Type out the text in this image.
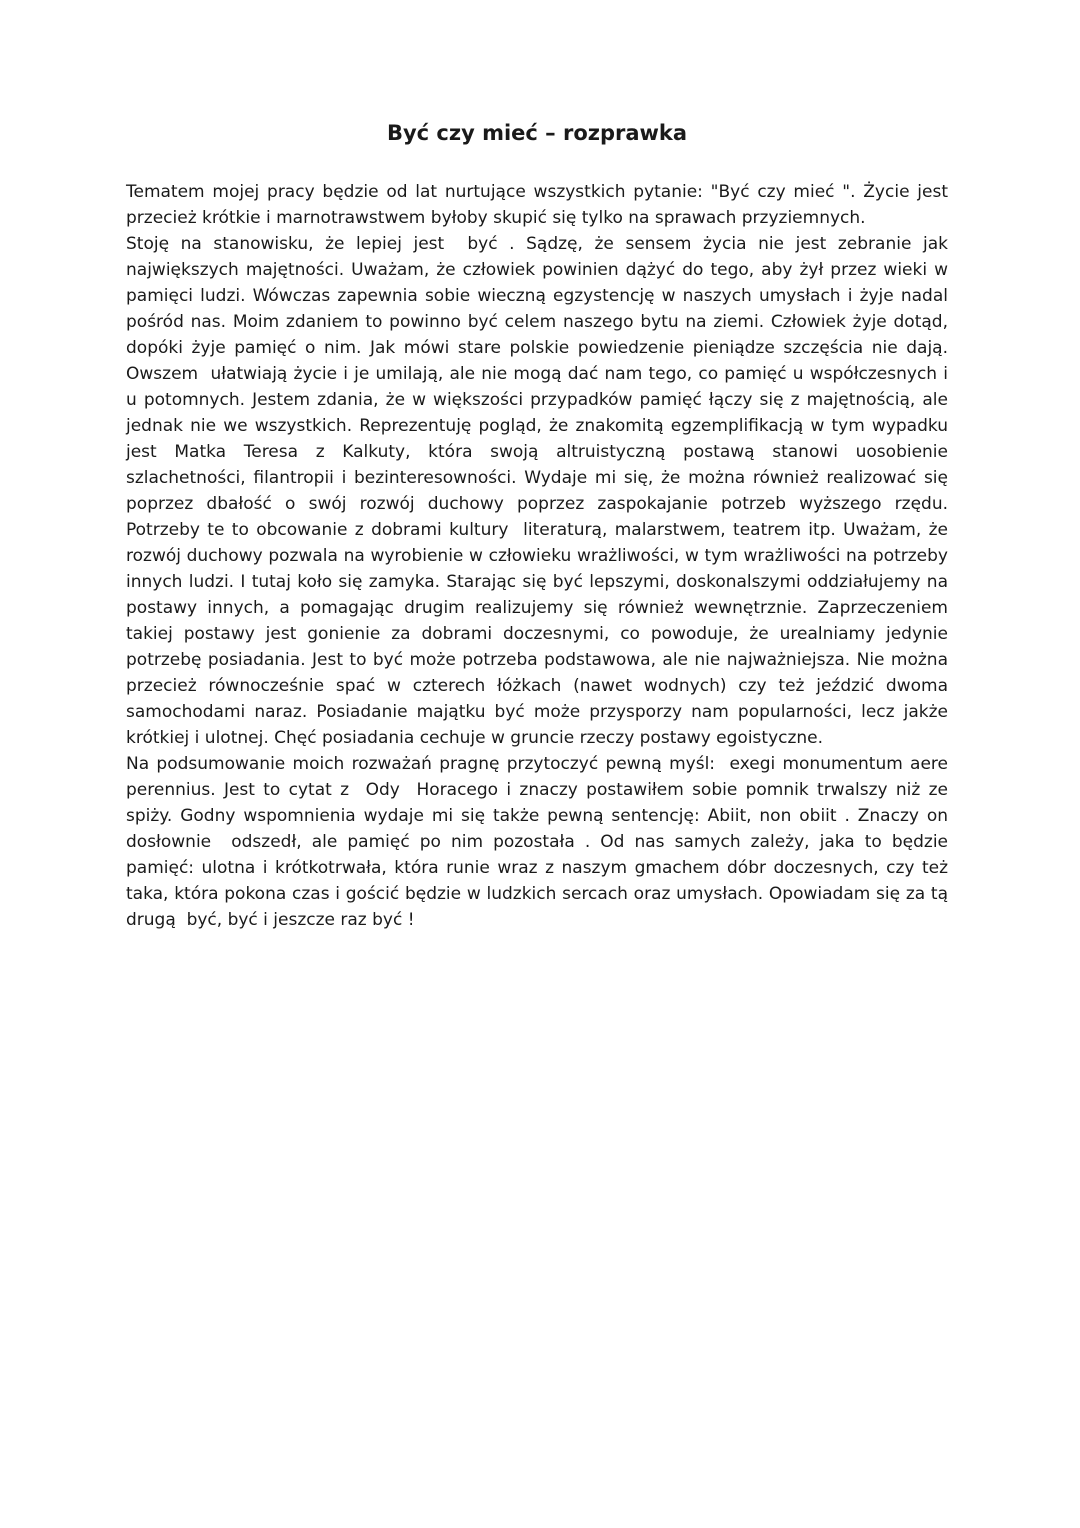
Być czy mieć – rozprawka

Tematem mojej pracy będzie od lat nurtujące wszystkich pytanie: "Być czy mieć ". Życie jest przecież krótkie i marnotrawstwem byłoby skupić się tylko na sprawach przyziemnych.

Stoję na stanowisku, że lepiej jest  być . Sądzę, że sensem życia nie jest zebranie jak największych majętności. Uważam, że człowiek powinien dążyć do tego, aby żył przez wieki w pamięci ludzi. Wówczas zapewnia sobie wieczną egzystencję w naszych umysłach i żyje nadal pośród nas. Moim zdaniem to powinno być celem naszego bytu na ziemi. Człowiek żyje dotąd, dopóki żyje pamięć o nim. Jak mówi stare polskie powiedzenie pieniądze szczęścia nie dają. Owszem  ułatwiają życie i je umilają, ale nie mogą dać nam tego, co pamięć u współczesnych i u potomnych. Jestem zdania, że w większości przypadków pamięć łączy się z majętnością, ale jednak nie we wszystkich. Reprezentuję pogląd, że znakomitą egzemplifikacją w tym wypadku jest Matka Teresa z Kalkuty, która swoją altruistyczną postawą stanowi uosobienie szlachetności, filantropii i bezinteresowności. Wydaje mi się, że można również realizować się poprzez dbałość o swój rozwój duchowy poprzez zaspokajanie potrzeb wyższego rzędu. Potrzeby te to obcowanie z dobrami kultury  literaturą, malarstwem, teatrem itp. Uważam, że rozwój duchowy pozwala na wyrobienie w człowieku wrażliwości, w tym wrażliwości na potrzeby innych ludzi. I tutaj koło się zamyka. Starając się być lepszymi, doskonalszymi oddziałujemy na postawy innych, a pomagając drugim realizujemy się również wewnętrznie. Zaprzeczeniem takiej postawy jest gonienie za dobrami doczesnymi, co powoduje, że urealniamy jedynie potrzebę posiadania. Jest to być może potrzeba podstawowa, ale nie najważniejsza. Nie można przecież równocześnie spać w czterech łóżkach (nawet wodnych) czy też jeździć dwoma samochodami naraz. Posiadanie majątku być może przysporzy nam popularności, lecz jakże krótkiej i ulotnej. Chęć posiadania cechuje w gruncie rzeczy postawy egoistyczne.

Na podsumowanie moich rozważań pragnę przytoczyć pewną myśl:  exegi monumentum aere perennius. Jest to cytat z  Ody  Horacego i znaczy postawiłem sobie pomnik trwalszy niż ze spiży. Godny wspomnienia wydaje mi się także pewną sentencję: Abiit, non obiit . Znaczy on dosłownie  odszedł, ale pamięć po nim pozostała . Od nas samych zależy, jaka to będzie pamięć: ulotna i krótkotrwała, która runie wraz z naszym gmachem dóbr doczesnych, czy też taka, która pokona czas i gościć będzie w ludzkich sercach oraz umysłach. Opowiadam się za tą drugą  być, być i jeszcze raz być !
